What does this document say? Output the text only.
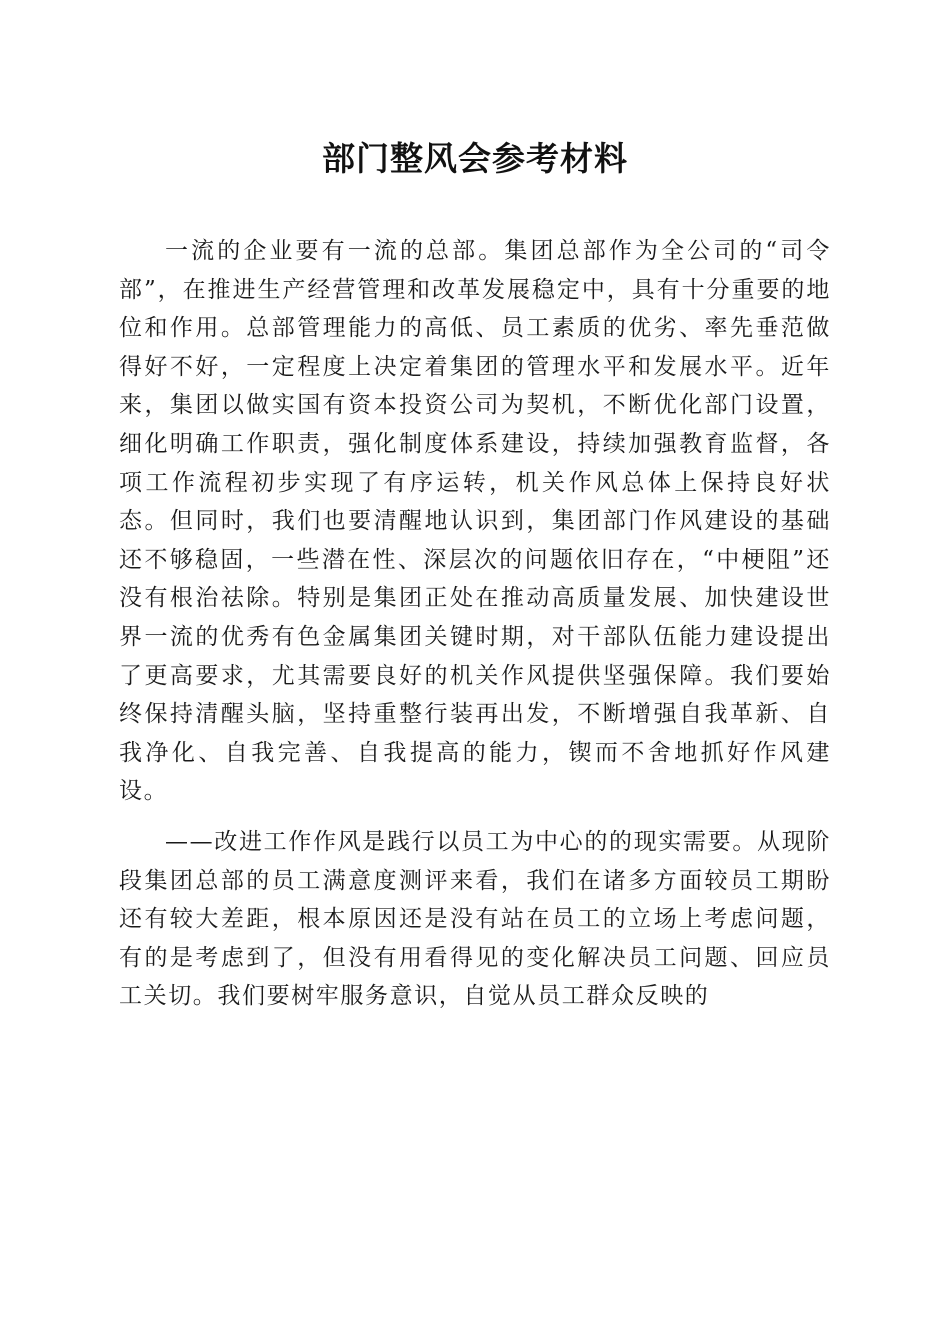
部门整风会参考材料

一流的企业要有一流的总部。集团总部作为全公司的“司令部”，在推进生产经营管理和改革发展稳定中，具有十分重要的地位和作用。总部管理能力的高低、员工素质的优劣、率先垂范做得好不好，一定程度上决定着集团的管理水平和发展水平。近年来，集团以做实国有资本投资公司为契机，不断优化部门设置，细化明确工作职责，强化制度体系建设，持续加强教育监督，各项工作流程初步实现了有序运转，机关作风总体上保持良好状态。但同时，我们也要清醒地认识到，集团部门作风建设的基础还不够稳固，一些潜在性、深层次的问题依旧存在，“中梗阻”还没有根治祛除。特别是集团正处在推动高质量发展、加快建设世界一流的优秀有色金属集团关键时期，对干部队伍能力建设提出了更高要求，尤其需要良好的机关作风提供坚强保障。我们要始终保持清醒头脑，坚持重整行装再出发，不断增强自我革新、自我净化、自我完善、自我提高的能力，锲而不舍地抓好作风建设。

——改进工作作风是践行以员工为中心的的现实需要。从现阶段集团总部的员工满意度测评来看，我们在诸多方面较员工期盼还有较大差距，根本原因还是没有站在员工的立场上考虑问题，有的是考虑到了，但没有用看得见的变化解决员工问题、回应员工关切。我们要树牢服务意识，自觉从员工群众反映的
